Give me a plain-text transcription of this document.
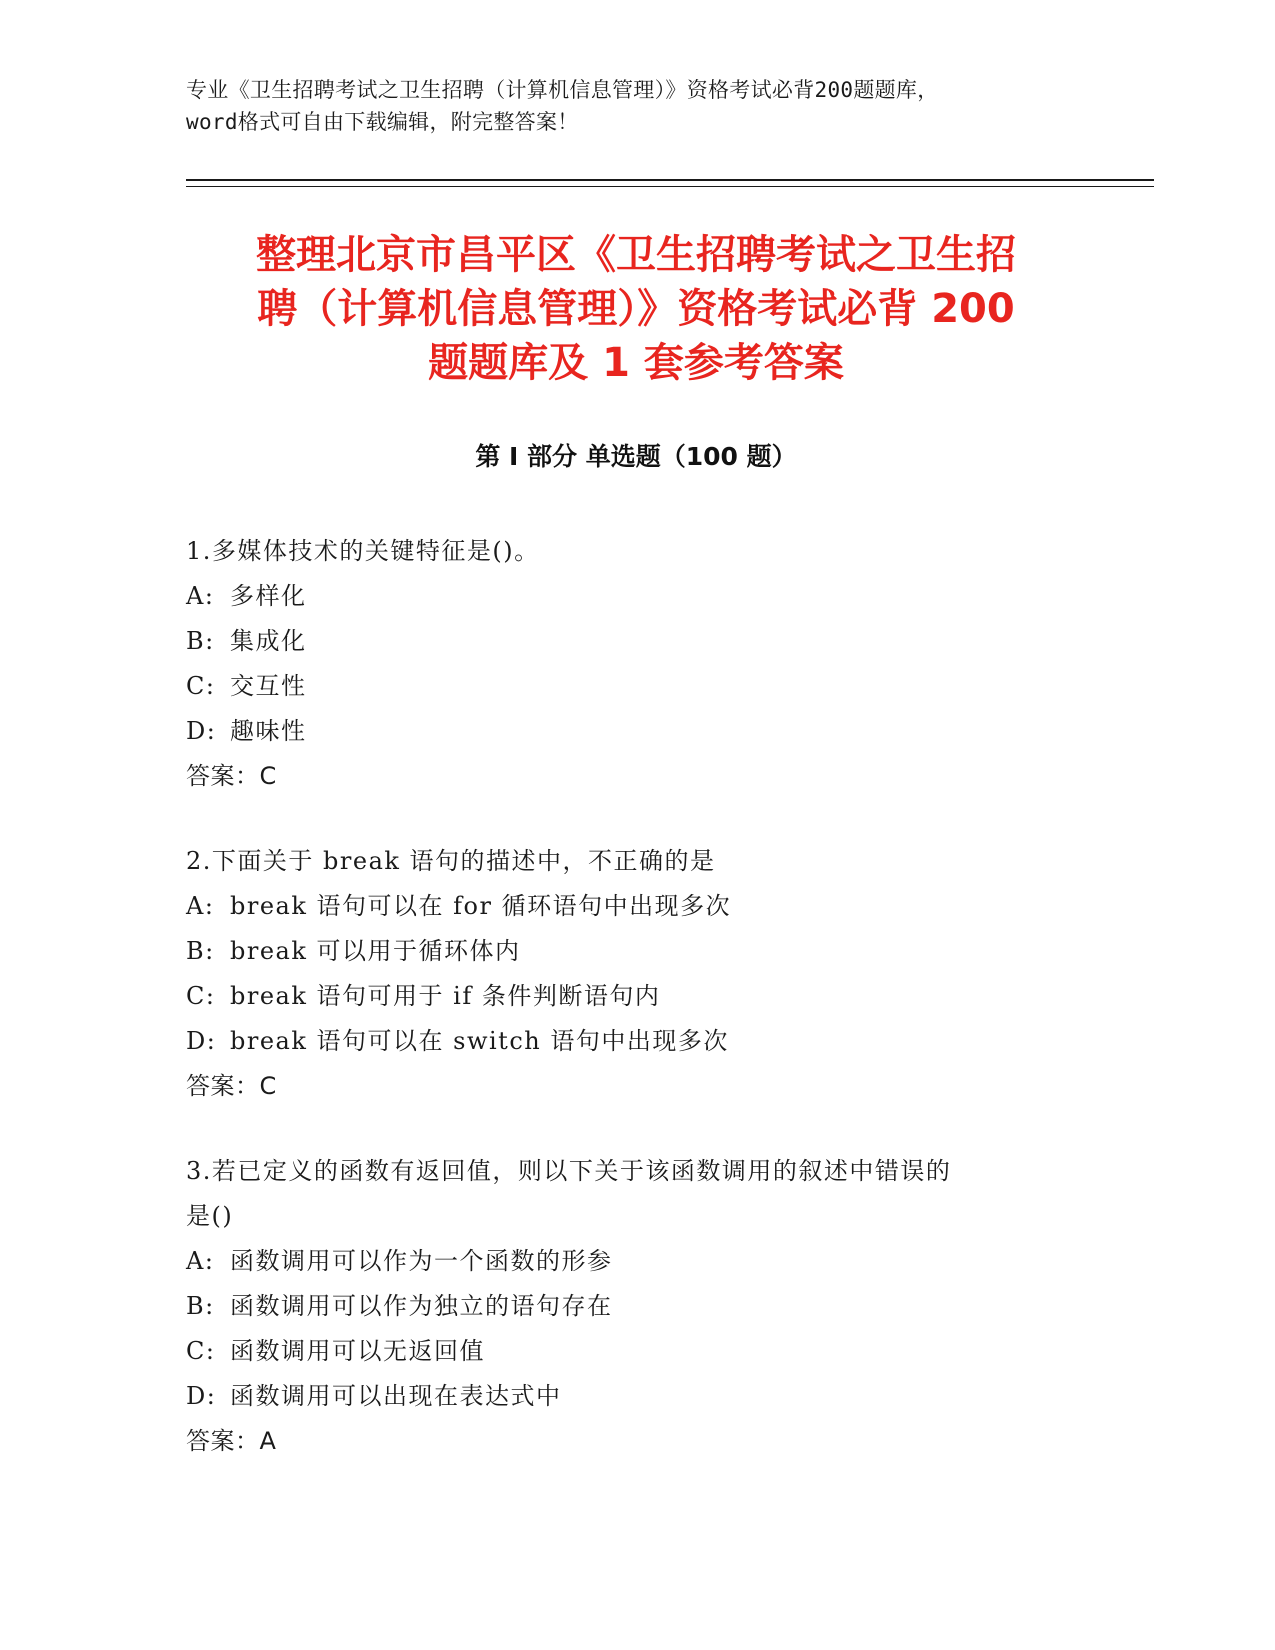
专业《卫生招聘考试之卫生招聘（计算机信息管理）》资格考试必背200题题库，
word格式可自由下载编辑，附完整答案！
整理北京市昌平区《卫生招聘考试之卫生招
聘（计算机信息管理）》资格考试必背 200
题题库及 1 套参考答案
第 I 部分 单选题（100 题）

1.多媒体技术的关键特征是()。

A: 多样化

B: 集成化

C: 交互性

D: 趣味性

答案：C

2.下面关于 break 语句的描述中，不正确的是

A: break 语句可以在 for 循环语句中出现多次

B: break 可以用于循环体内

C: break 语句可用于 if 条件判断语句内

D: break 语句可以在 switch 语句中出现多次

答案：C

3.若已定义的函数有返回值，则以下关于该函数调用的叙述中错误的

是()

A: 函数调用可以作为一个函数的形参

B: 函数调用可以作为独立的语句存在

C: 函数调用可以无返回值

D: 函数调用可以出现在表达式中

答案：A
